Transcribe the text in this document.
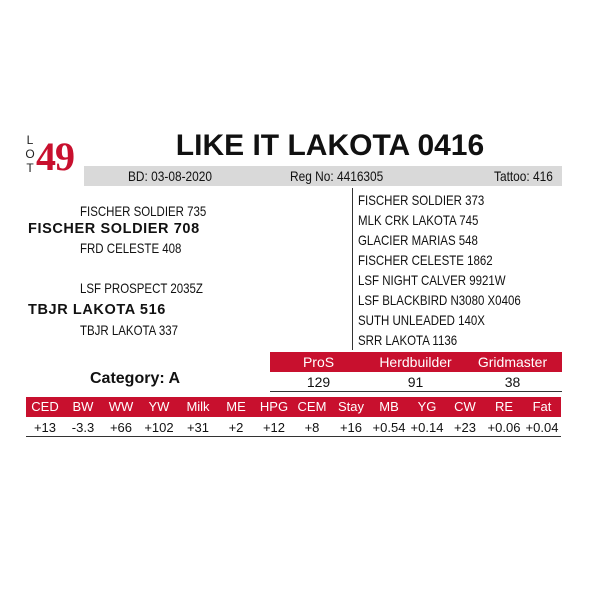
L
O
T 49	LIKE IT LAKOTA 0416
BD: 03-08-2020	Reg No: 4416305	Tattoo: 416
FISCHER SOLDIER 735
FISCHER SOLDIER 708
FRD CELESTE 408
LSF PROSPECT 2035Z
TBJR LAKOTA 516
TBJR LAKOTA 337
FISCHER SOLDIER 373
MLK CRK LAKOTA 745
GLACIER MARIAS 548
FISCHER CELESTE 1862
LSF NIGHT CALVER 9921W
LSF BLACKBIRD N3080 X0406
SUTH UNLEADED 140X
SRR LAKOTA 1136
Category: A
ProS	Herdbuilder	Gridmaster
129	91	38
CED	BW	WW	YW	Milk	ME	HPG CEM Stay	MB	YG	CW	RE	Fat
+13	-3.3	+66 +102	+31	+2	+12	+8	+16 +0.54 +0.14 +23 +0.06 +0.04
